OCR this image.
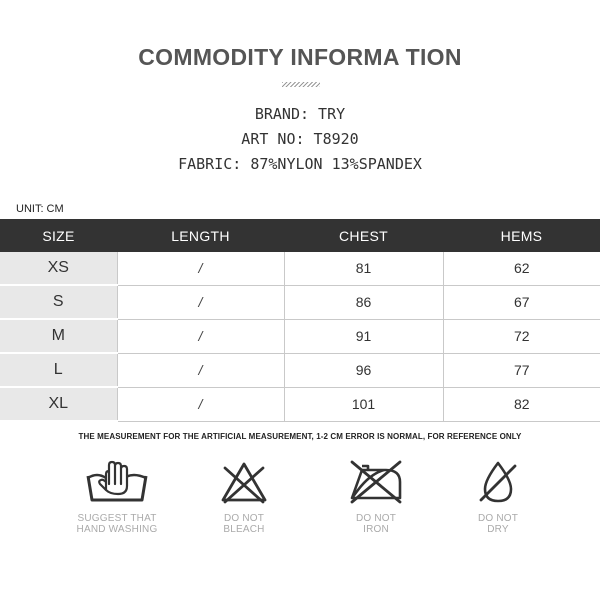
COMMODITY INFORMA TION
BRAND: TRY
ART NO: T8920
FABRIC: 87%NYLON 13%SPANDEX
UNIT: CM
SIZE	LENGTH	CHEST	HEMS
XS	/	81	62
S	/	86	67
M	/	91	72
L	/	96	77
XL	/	101	82
THE MEASUREMENT FOR THE ARTIFICIAL MEASUREMENT, 1-2 CM ERROR IS NORMAL, FOR REFERENCE ONLY
SUGGEST THAT
HAND WASHING
DO NOT
BLEACH
DO NOT
IRON
DO NOT
DRY
